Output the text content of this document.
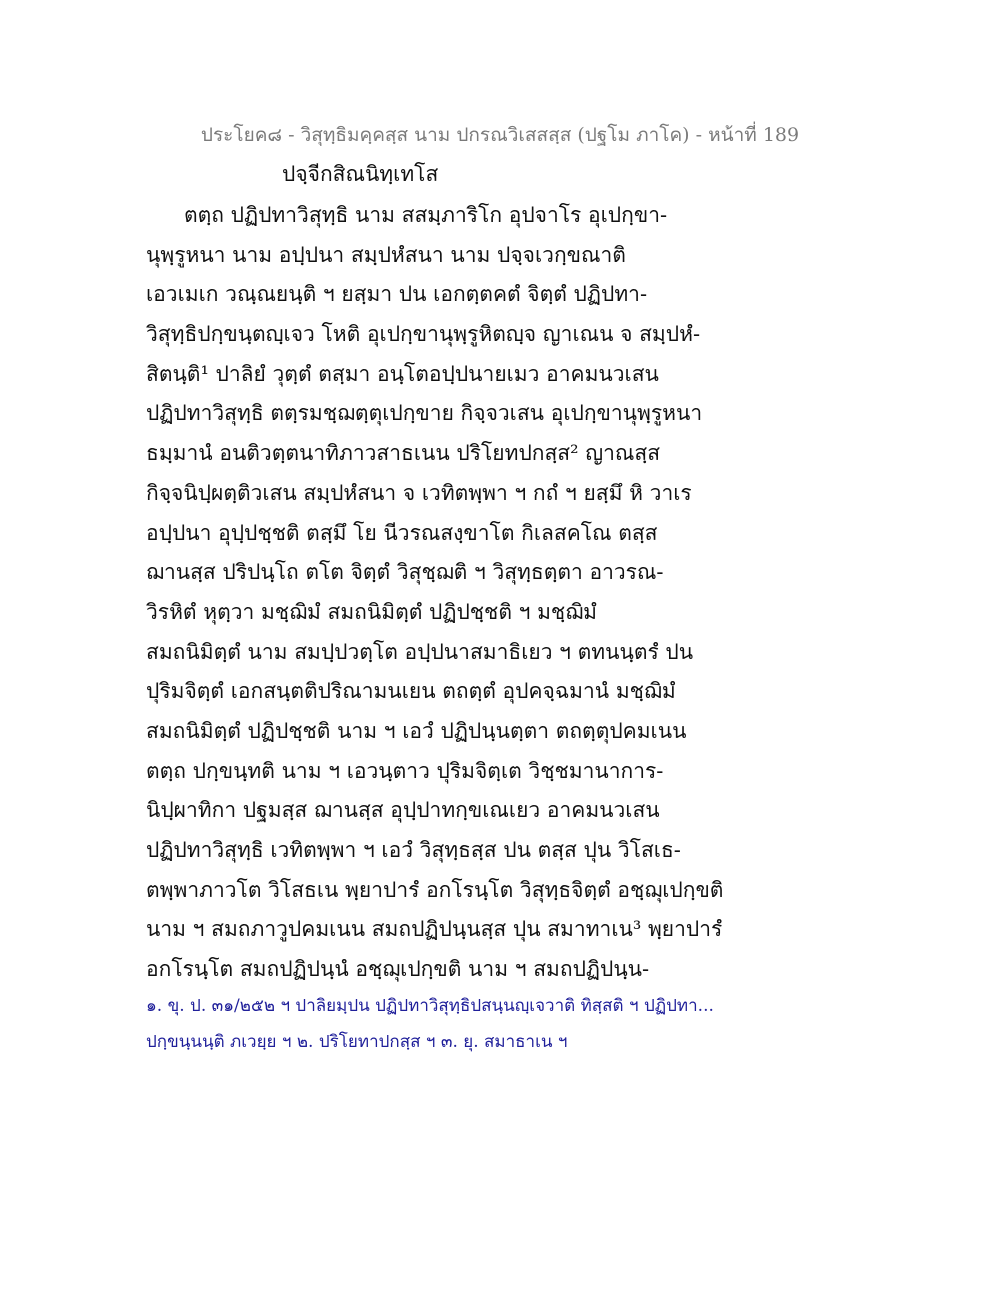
ประโยค๘ - วิสุทฺธิมคฺคสฺส นาม ปกรณวิเสสสฺส (ปฐโม ภาโค) - หน้าที่ 189
ปจฺจีกสิณนิทฺเทโส
ตตฺถ ปฏิปทาวิสุทฺธิ นาม สสมฺภาริโก อุปจาโร อุเปกฺขา-
นุพฺรูหนา นาม อปฺปนา สมฺปหํสนา นาม ปจฺจเวกฺขณาติ
เอวเมเก วณฺณยนฺติ ฯ ยสฺมา ปน เอกตฺตคตํ จิตฺตํ ปฏิปทา-
วิสุทฺธิปกฺขนฺตญฺเจว โหติ อุเปกฺขานุพฺรูหิตญฺจ ญาเณน จ สมฺปหํ-
สิตนฺติ¹ ปาลิยํ วุตฺตํ ตสฺมา อนฺโตอปฺปนายเมว อาคมนวเสน
ปฏิปทาวิสุทฺธิ ตตฺรมชฺฌตฺตุเปกฺขาย กิจฺจวเสน อุเปกฺขานุพฺรูหนา
ธมฺมานํ อนติวตฺตนาทิภาวสาธเนน ปริโยทปกสฺส² ญาณสฺส
กิจฺจนิปฺผตฺติวเสน สมฺปหํสนา จ เวทิตพฺพา ฯ กถํ ฯ ยสฺมึ หิ วาเร
อปฺปนา อุปฺปชฺชติ ตสฺมึ โย นีวรณสงฺขาโต กิเลสคโณ ตสฺส
ฌานสฺส ปริปนฺโถ ตโต จิตฺตํ วิสุชฺฌติ ฯ วิสุทฺธตฺตา อาวรณ-
วิรหิตํ หุตฺวา มชฺฌิมํ สมถนิมิตฺตํ ปฏิปชฺชติ ฯ มชฺฌิมํ
สมถนิมิตฺตํ นาม สมปฺปวตฺโต อปฺปนาสมาธิเยว ฯ ตทนนฺตรํ ปน
ปุริมจิตฺตํ เอกสนฺตติปริณามนเยน ตถตฺตํ อุปคจฺฉมานํ มชฺฌิมํ
สมถนิมิตฺตํ ปฏิปชฺชติ นาม ฯ เอวํ ปฏิปนฺนตฺตา ตถตฺตุปคมเนน
ตตฺถ ปกฺขนฺทติ นาม ฯ เอวนฺตาว ปุริมจิตฺเต วิชฺชมานาการ-
นิปฺผาทิกา ปฐมสฺส ฌานสฺส อุปฺปาทกฺขเณเยว อาคมนวเสน
ปฏิปทาวิสุทฺธิ เวทิตพฺพา ฯ เอวํ วิสุทฺธสฺส ปน ตสฺส ปุน วิโสเธ-
ตพฺพาภาวโต วิโสธเน พฺยาปารํ อกโรนฺโต วิสุทฺธจิตฺตํ อชฺฌุเปกฺขติ
นาม ฯ สมถภาวูปคมเนน สมถปฏิปนฺนสฺส ปุน สมาทาเน³ พฺยาปารํ
อกโรนฺโต สมถปฏิปนฺนํ อชฺฌุเปกฺขติ นาม ฯ สมถปฏิปนฺน-
๑. ขุ. ป. ๓๑/๒๕๒ ฯ ปาลิยมฺปน ปฏิปทาวิสุทฺธิปสนฺนญฺเจวาติ ทิสฺสติ ฯ ปฏิปทา...
ปกฺขนฺนนฺติ ภเวยฺย ฯ ๒. ปริโยทาปกสฺส ฯ ๓. ยุ. สมาธาเน ฯ
